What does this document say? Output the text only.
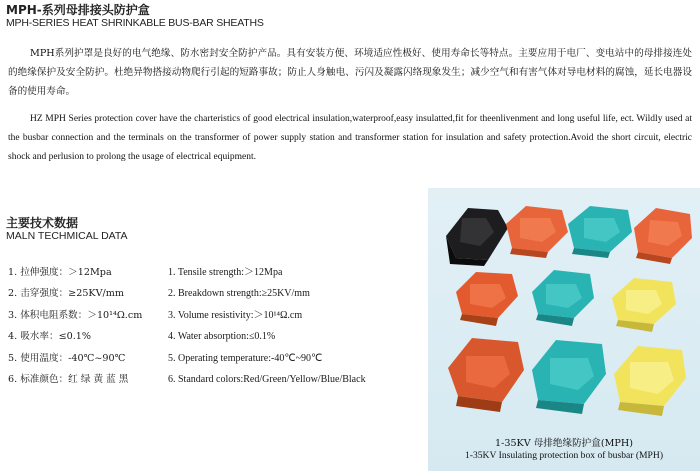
MPH-系列母排接头防护盒
MPH-SERIES HEAT SHRINKABLE BUS-BAR SHEATHS
MPH系列护罩是良好的电气绝缘、防水密封安全防护产品。具有安装方便、环境适应性极好、使用寿命长等特点。主要应用于电厂、变电站中的母排接连处的绝缘保护及安全防护。杜绝异物搭接动物爬行引起的短路事故；防止人身触电、污闪及凝露闪络现象发生；减少空气和有害气体对导电材料的腐蚀，延长电器设备的使用寿命。
HZ MPH Series protection cover have the charteristics of good electrical insulation,waterproof,easy insulatted,fit for theenlivenment and long useful life, ect. Wildly used at the busbar connection and the terminals on the transformer of power supply station and transformer station for insulation and safety protection.Avoid the short circuit, electric shock and perlusion to prolong the usage of electrical equipment.
主要技术数据
MALN TECHMICAL DATA
1. 拉伸强度：＞12Mpa
2. 击穿强度：≥25KV/mm
3. 体积电阻系数：＞10¹⁴Ω.cm
4. 吸水率：≤0.1%
5. 使用温度：-40℃~90℃
6. 标准颜色：红 绿 黄 蓝 黑
1. Tensile strength:＞12Mpa
2. Breakdown strength:≥25KV/mm
3. Volume resistivity:＞10¹⁴Ω.cm
4. Water absorption:≤0.1%
5. Operating temperature:-40℃~90℃
6. Standard colors:Red/Green/Yellow/Blue/Black
1-35KV 母排绝缘防护盒(MPH)
1-35KV Insulating protection box of busbar (MPH)
